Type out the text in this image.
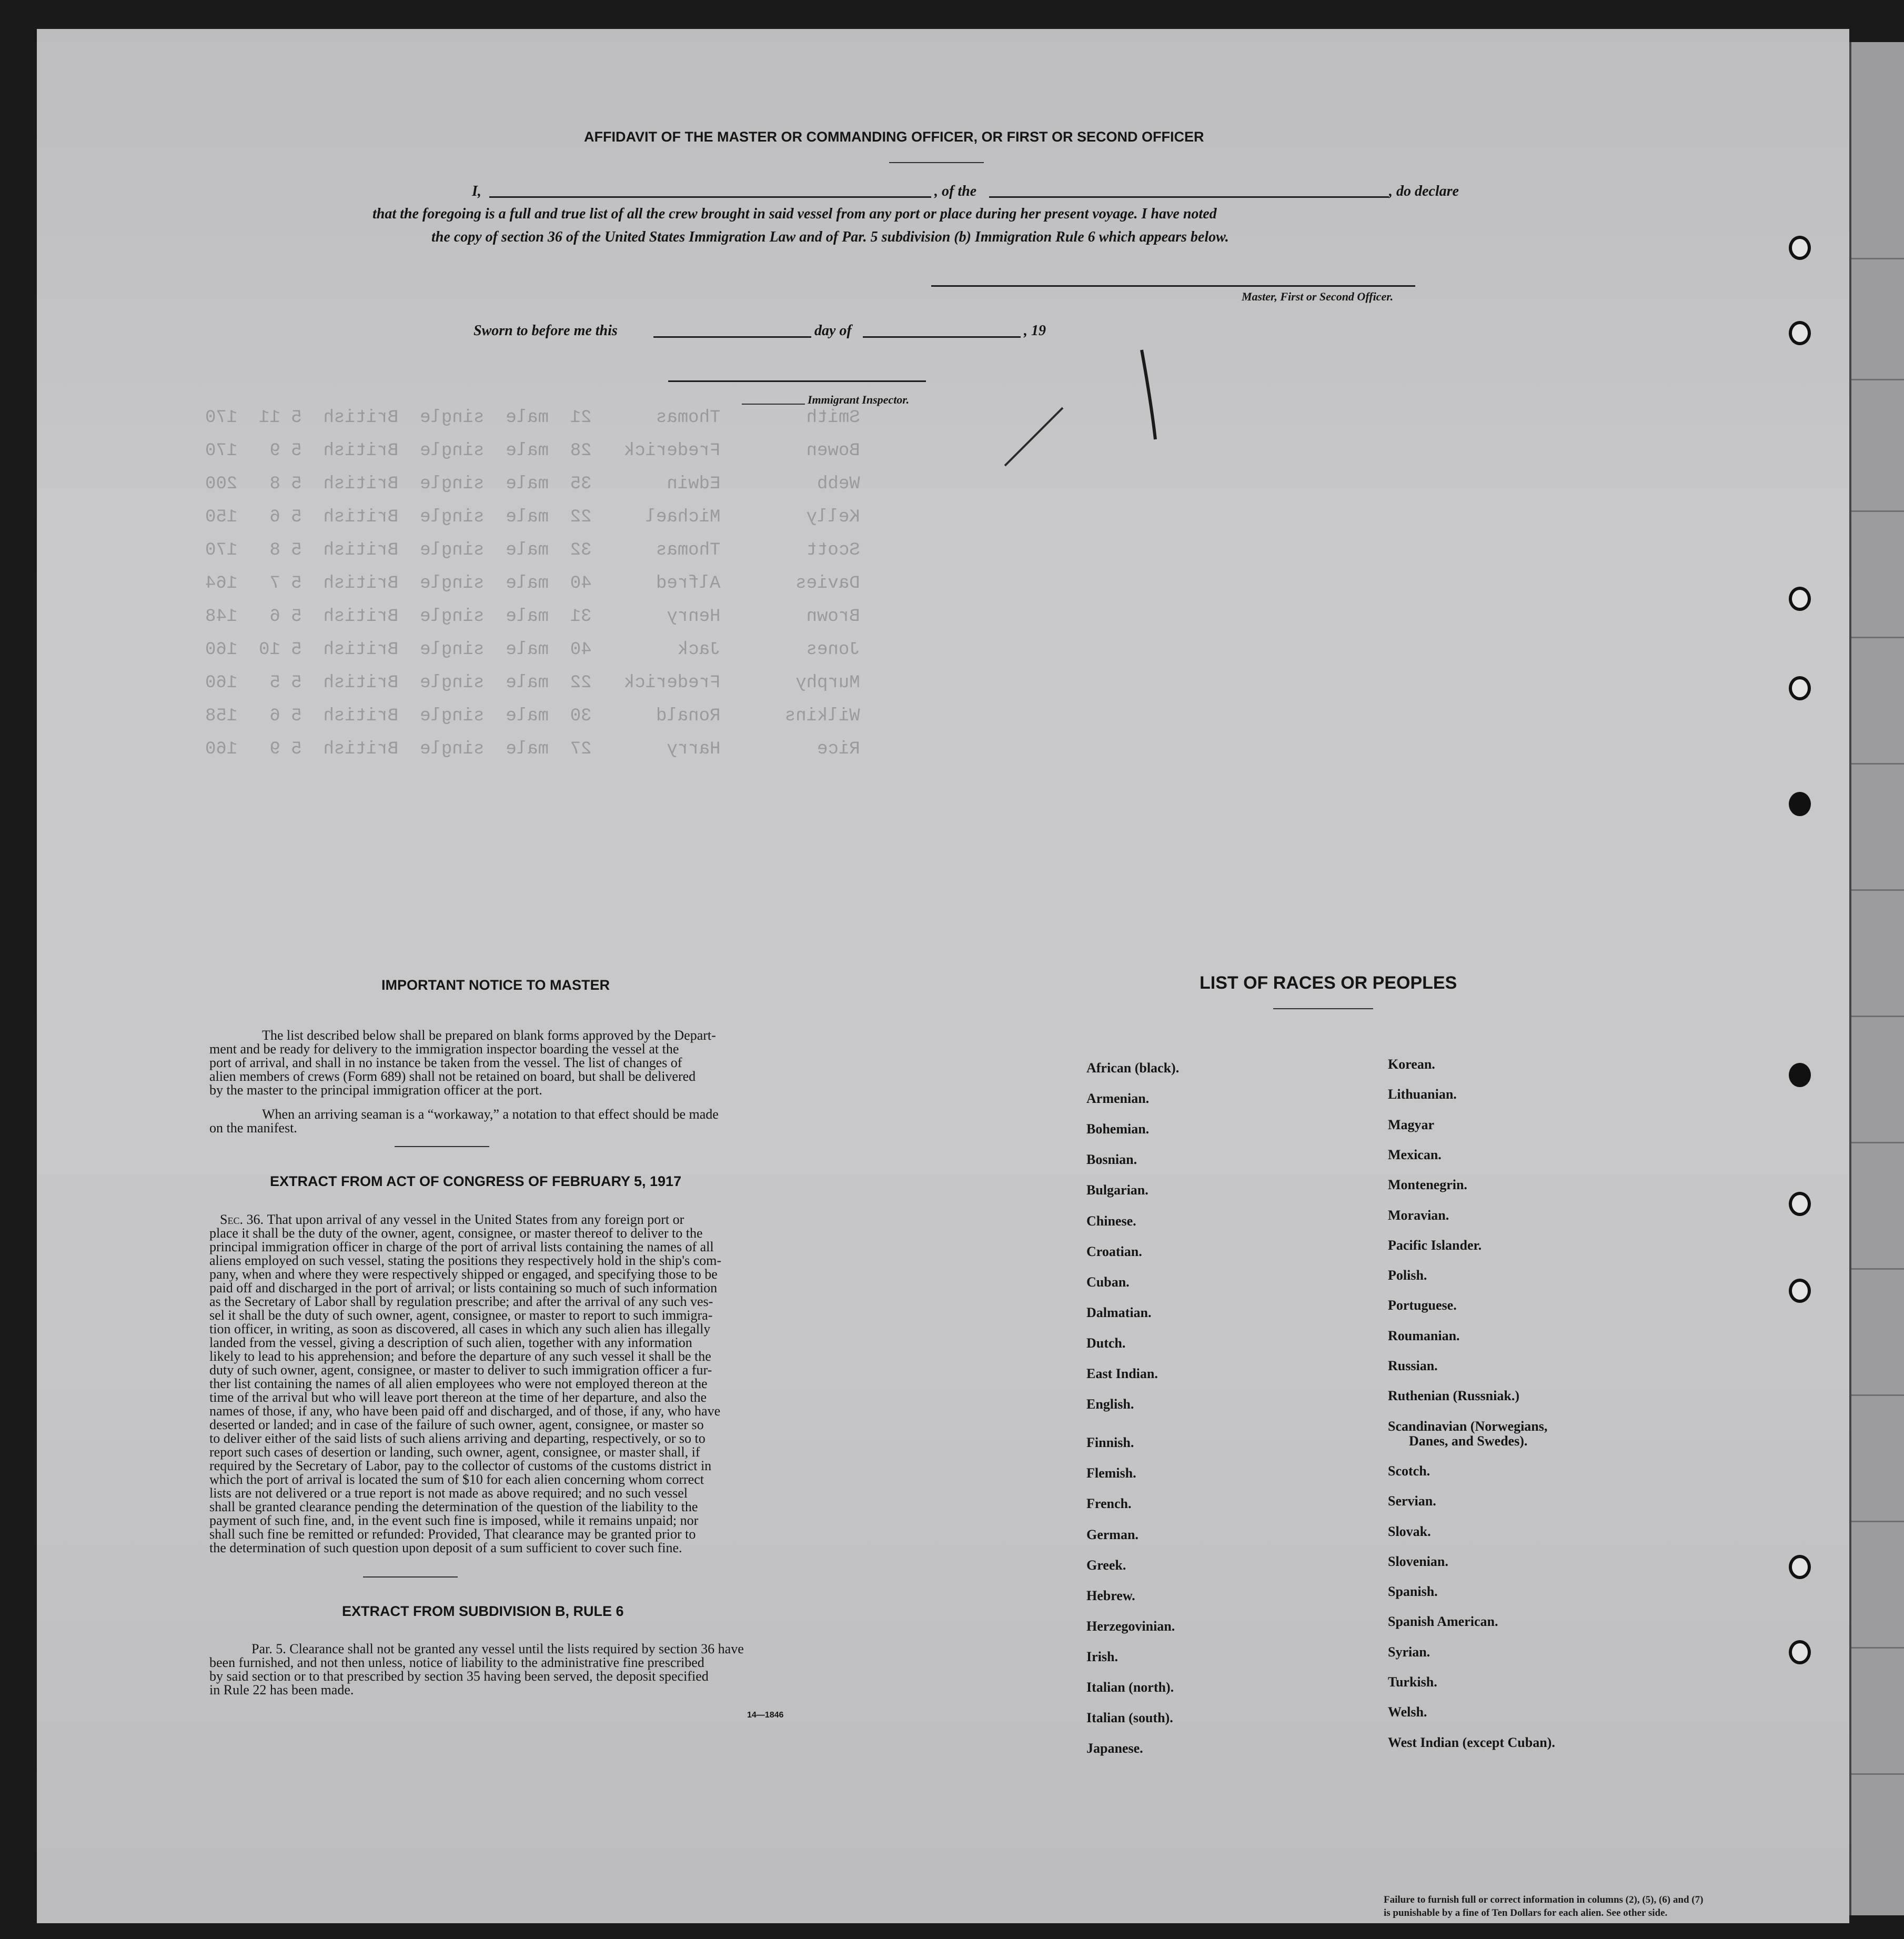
Smith        Thomas      21  male  single  British  5 11  170
Bowen        Frederick   28  male  single  British  5 9   170
Webb         Edwin       35  male  single  British  5 8   200
Kelly        Michael     22  male  single  British  5 6   150
Scott        Thomas      32  male  single  British  5 8   170
Davies       Alfred      40  male  single  British  5 7   164
Brown        Henry       31  male  single  British  5 6   148
Jones        Jack        40  male  single  British  5 10  160
Murphy       Frederick   22  male  single  British  5 5   160
Wilkins      Ronald      30  male  single  British  5 6   158
Rice         Harry       27  male  single  British  5 9   160
AFFIDAVIT OF THE MASTER OR COMMANDING OFFICER, OR FIRST OR SECOND OFFICER
I,	, of the	, do declare
that the foregoing is a full and true list of all the crew brought in said vessel from any port or place during her present voyage. I have noted
the copy of section 36 of the United States Immigration Law and of Par. 5 subdivision (b) Immigration Rule 6 which appears below.
Master, First or Second Officer.
Sworn to before me this	day of	, 19
Immigrant Inspector.
IMPORTANT NOTICE TO MASTER
The list described below shall be prepared on blank forms approved by the Depart-
ment and be ready for delivery to the immigration inspector boarding the vessel at the
port of arrival, and shall in no instance be taken from the vessel. The list of changes of
alien members of crews (Form 689) shall not be retained on board, but shall be delivered
by the master to the principal immigration officer at the port.
When an arriving seaman is a “workaway,” a notation to that effect should be made
on the manifest.
EXTRACT FROM ACT OF CONGRESS OF FEBRUARY 5, 1917
Sec. 36. That upon arrival of any vessel in the United States from any foreign port or
place it shall be the duty of the owner, agent, consignee, or master thereof to deliver to the
principal immigration officer in charge of the port of arrival lists containing the names of all
aliens employed on such vessel, stating the positions they respectively hold in the ship's com-
pany, when and where they were respectively shipped or engaged, and specifying those to be
paid off and discharged in the port of arrival; or lists containing so much of such information
as the Secretary of Labor shall by regulation prescribe; and after the arrival of any such ves-
sel it shall be the duty of such owner, agent, consignee, or master to report to such immigra-
tion officer, in writing, as soon as discovered, all cases in which any such alien has illegally
landed from the vessel, giving a description of such alien, together with any information
likely to lead to his apprehension; and before the departure of any such vessel it shall be the
duty of such owner, agent, consignee, or master to deliver to such immigration officer a fur-
ther list containing the names of all alien employees who were not employed thereon at the
time of the arrival but who will leave port thereon at the time of her departure, and also the
names of those, if any, who have been paid off and discharged, and of those, if any, who have
deserted or landed; and in case of the failure of such owner, agent, consignee, or master so
to deliver either of the said lists of such aliens arriving and departing, respectively, or so to
report such cases of desertion or landing, such owner, agent, consignee, or master shall, if
required by the Secretary of Labor, pay to the collector of customs of the customs district in
which the port of arrival is located the sum of $10 for each alien concerning whom correct
lists are not delivered or a true report is not made as above required; and no such vessel
shall be granted clearance pending the determination of the question of the liability to the
payment of such fine, and, in the event such fine is imposed, while it remains unpaid; nor
shall such fine be remitted or refunded: Provided, That clearance may be granted prior to
the determination of such question upon deposit of a sum sufficient to cover such fine.
EXTRACT FROM SUBDIVISION B, RULE 6
Par. 5. Clearance shall not be granted any vessel until the lists required by section 36 have
been furnished, and not then unless, notice of liability to the administrative fine prescribed
by said section or to that prescribed by section 35 having been served, the deposit specified
in Rule 22 has been made.
14—1846
LIST OF RACES OR PEOPLES
African (black).
Armenian.
Bohemian.
Bosnian.
Bulgarian.
Chinese.
Croatian.
Cuban.
Dalmatian.
Dutch.
East Indian.
English.
Finnish.
Flemish.
French.
German.
Greek.
Hebrew.
Herzegovinian.
Irish.
Italian (north).
Italian (south).
Japanese.
Korean.
Lithuanian.
Magyar
Mexican.
Montenegrin.
Moravian.
Pacific Islander.
Polish.
Portuguese.
Roumanian.
Russian.
Ruthenian (Russniak.)
Scandinavian (Norwegians,
Danes, and Swedes).
Scotch.
Servian.
Slovak.
Slovenian.
Spanish.
Spanish American.
Syrian.
Turkish.
Welsh.
West Indian (except Cuban).
Failure to furnish full or correct information in columns (2), (5), (6) and (7)
is punishable by a fine of Ten Dollars for each alien. See other side.
